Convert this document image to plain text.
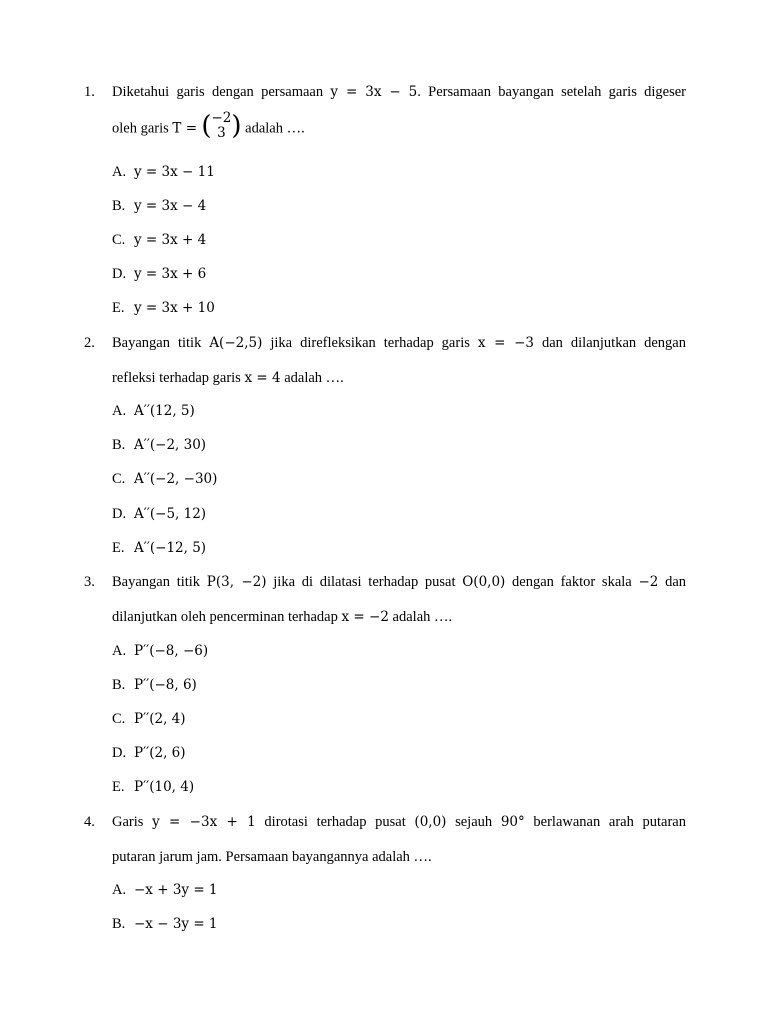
1. Diketahui garis dengan persamaan y = 3x − 5. Persamaan bayangan setelah garis digeser
oleh garis T = (−2
3 ) adalah ….
A. y = 3x − 11
B. y = 3x − 4
C. y = 3x + 4
D. y = 3x + 6
E. y = 3x + 10
2. Bayangan titik A(−2,5) jika direfleksikan terhadap garis x = −3 dan dilanjutkan dengan
refleksi terhadap garis x = 4 adalah ….
A. A′′(12, 5)
B. A′′(−2, 30)
C. A′′(−2, −30)
D. A′′(−5, 12)
E. A′′(−12, 5)
3. Bayangan titik P(3, −2) jika di dilatasi terhadap pusat O(0,0) dengan faktor skala −2 dan
dilanjutkan oleh pencerminan terhadap x = −2 adalah ….
A. P′′(−8, −6)
B. P′′(−8, 6)
C. P′′(2, 4)
D. P′′(2, 6)
E. P′′(10, 4)
4. Garis y = −3x + 1 dirotasi terhadap pusat (0,0) sejauh 90° berlawanan arah putaran
putaran jarum jam. Persamaan bayangannya adalah ….
A. −x + 3y = 1
B. −x − 3y = 1
